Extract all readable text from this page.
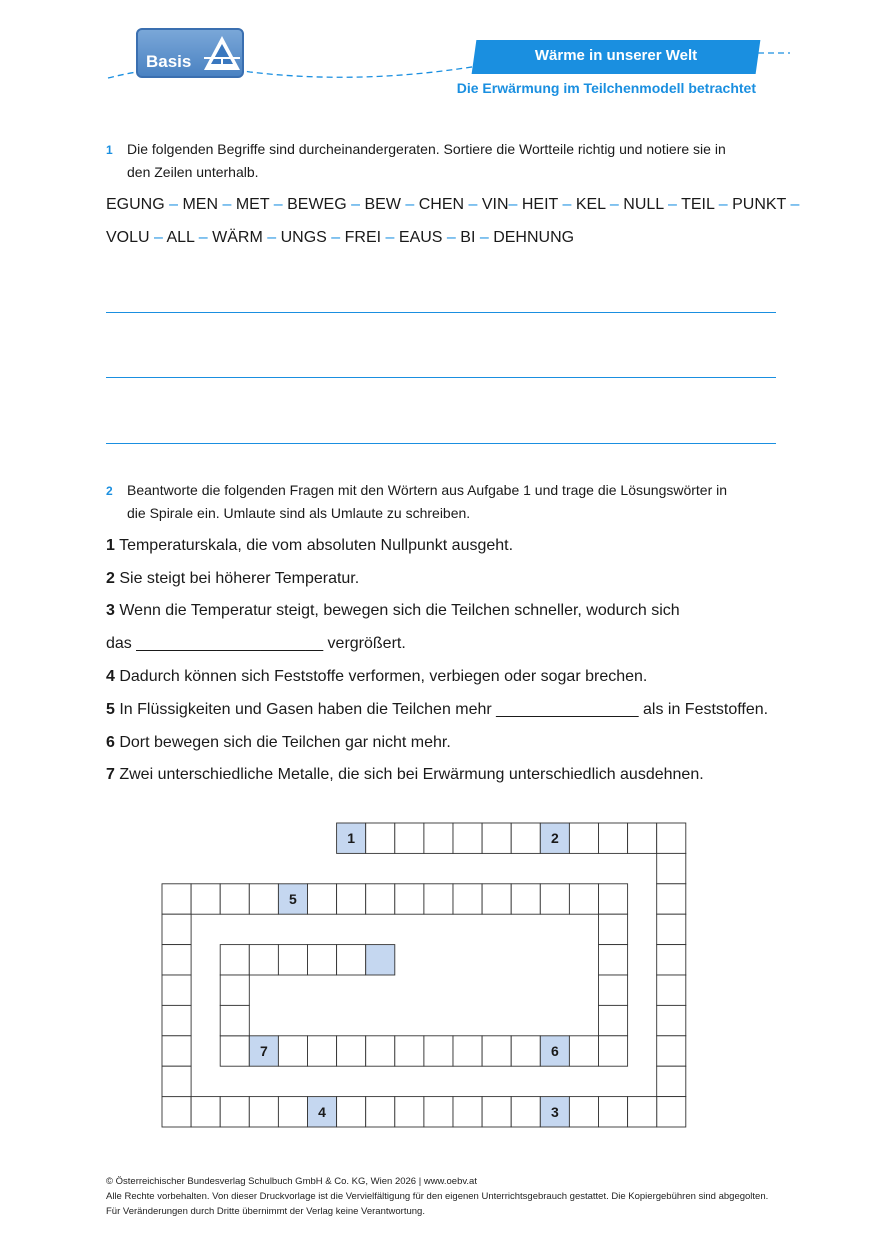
Basis	Wärme in unserer Welt
Die Erwärmung im Teilchenmodell betrachtet
1 Die folgenden Begriffe sind durcheinandergeraten. Sortiere die Wortteile richtig und notiere sie in
den Zeilen unterhalb.
EGUNG – MEN – MET – BEWEG – BEW – CHEN – VIN– HEIT – KEL – NULL – TEIL – PUNKT –
VOLU – ALL – WÄRM – UNGS – FREI – EAUS – BI – DEHNUNG
2 Beantworte die folgenden Fragen mit den Wörtern aus Aufgabe 1 und trage die Lösungswörter in
die Spirale ein. Umlaute sind als Umlaute zu schreiben.
1 Temperaturskala, die vom absoluten Nullpunkt ausgeht.
2 Sie steigt bei höherer Temperatur.
3 Wenn die Temperatur steigt, bewegen sich die Teilchen schneller, wodurch sich
das _____________________ vergrößert.
4 Dadurch können sich Feststoffe verformen, verbiegen oder sogar brechen.
5 In Flüssigkeiten und Gasen haben die Teilchen mehr ________________ als in Feststoffen.
6 Dort bewegen sich die Teilchen gar nicht mehr.
7 Zwei unterschiedliche Metalle, die sich bei Erwärmung unterschiedlich ausdehnen.
1	2
4	3
5
7	6
© Österreichischer Bundesverlag Schulbuch GmbH & Co. KG, Wien 2026 | www.oebv.at
Alle Rechte vorbehalten. Von dieser Druckvorlage ist die Vervielfältigung für den eigenen Unterrichtsgebrauch gestattet. Die Kopiergebühren sind abgegolten.
Für Veränderungen durch Dritte übernimmt der Verlag keine Verantwortung.
